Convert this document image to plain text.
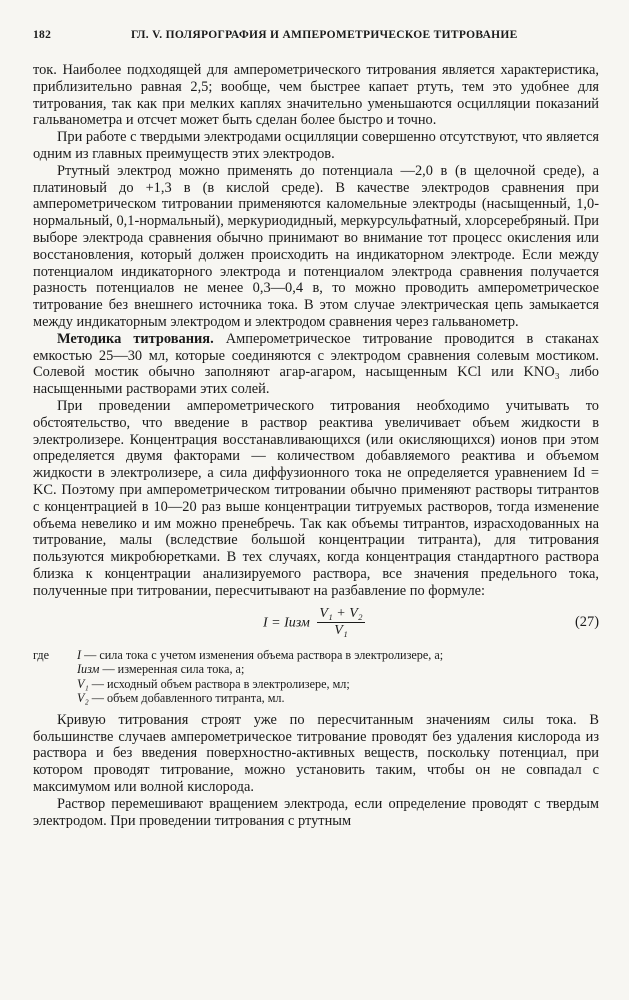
182	ГЛ. V. ПОЛЯРОГРАФИЯ И АМПЕРОМЕТРИЧЕСКОЕ ТИТРОВАНИЕ

ток. Наиболее подходящей для амперометрического титрования является характеристика, приблизительно равная 2,5; вообще, чем быстрее капает ртуть, тем это удобнее для титрования, так как при мелких каплях значительно уменьшаются осцилляции показаний гальванометра и отсчет может быть сделан более быстро и точно.

При работе с твердыми электродами осцилляции совершенно отсутствуют, что является одним из главных преимуществ этих электродов.

Ртутный электрод можно применять до потенциала —2,0 в (в щелочной среде), а платиновый до +1,3 в (в кислой среде). В качестве электродов сравнения при амперометрическом титровании применяются каломельные электроды (насыщенный, 1,0-нормальный, 0,1-нормальный), меркуриодидный, меркурсульфатный, хлорсеребряный. При выборе электрода сравнения обычно принимают во внимание тот процесс окисления или восстановления, который должен происходить на индикаторном электроде. Если между потенциалом индикаторного электрода и потенциалом электрода сравнения получается разность потенциалов не менее 0,3—0,4 в, то можно проводить амперометрическое титрование без внешнего источника тока. В этом случае электрическая цепь замыкается между индикаторным электродом и электродом сравнения через гальванометр.

Методика титрования. Амперометрическое титрование проводится в стаканах емкостью 25—30 мл, которые соединяются с электродом сравнения солевым мостиком. Солевой мостик обычно заполняют агар-агаром, насыщенным KCl или KNO₃ либо насыщенными растворами этих солей.

При проведении амперометрического титрования необходимо учитывать то обстоятельство, что введение в раствор реактива увеличивает объем жидкости в электролизере. Концентрация восстанавливающихся (или окисляющихся) ионов при этом определяется двумя факторами — количеством добавляемого реактива и объемом жидкости в электролизере, а сила диффузионного тока не определяется уравнением Id = KC. Поэтому при амперометрическом титровании обычно применяют растворы титрантов с концентрацией в 10—20 раз выше концентрации титруемых растворов, тогда изменение объема невелико и им можно пренебречь. Так как объемы титрантов, израсходованных на титрование, малы (вследствие большой концентрации титранта), для титрования пользуются микробюретками. В тех случаях, когда концентрация стандартного раствора близка к концентрации анализируемого раствора, все значения предельного тока, полученные при титровании, пересчитывают на разбавление по формуле:

I = Iизм $\frac{\text{V₁ + V₂}}{\text{V₁}}$	(27)
где I — сила тока с учетом изменения объема раствора в электролизере, а;
Iизм — измеренная сила тока, а;
V₁ — исходный объем раствора в электролизере, мл;
V₂ — объем добавленного титранта, мл.

Кривую титрования строят уже по пересчитанным значениям силы тока. В большинстве случаев амперометрическое титрование проводят без удаления кислорода из раствора и без введения поверхностно-активных веществ, поскольку потенциал, при котором проводят титрование, можно установить таким, чтобы он не совпадал с максимумом или волной кислорода.

Раствор перемешивают вращением электрода, если определение проводят с твердым электродом. При проведении титрования с ртутным
